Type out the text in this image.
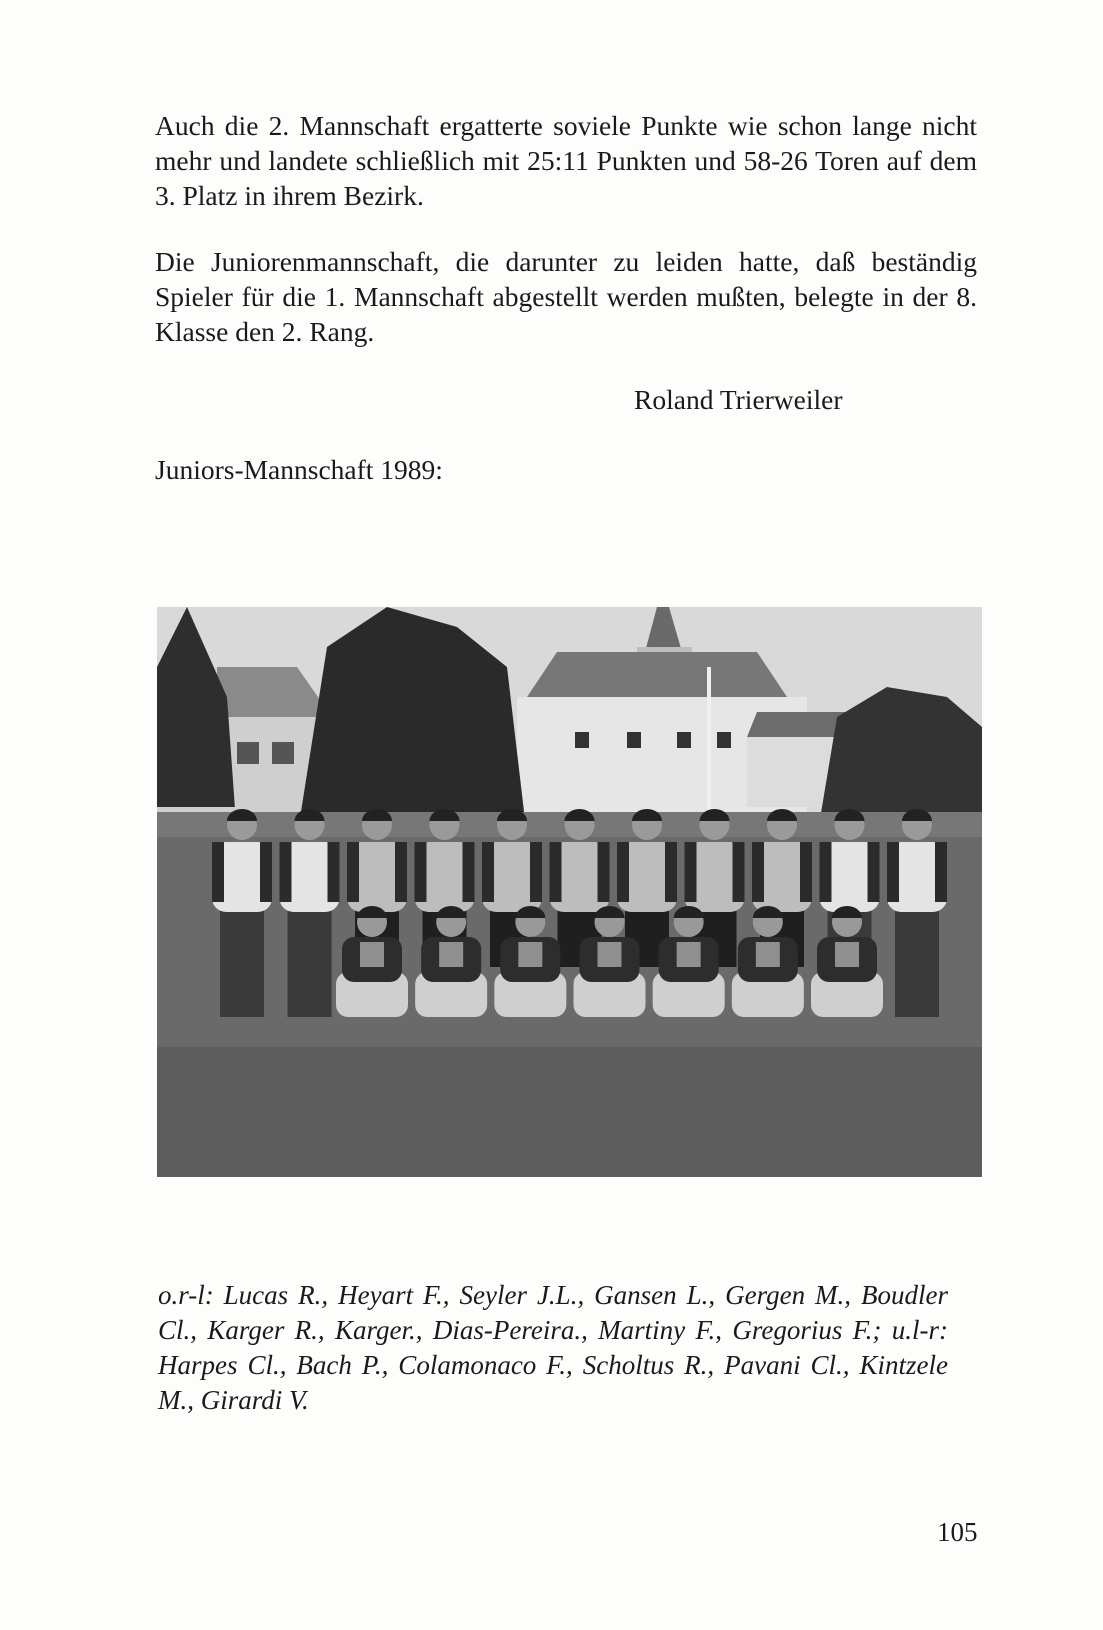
Auch die 2. Mannschaft ergatterte soviele Punkte wie schon lange nicht mehr und landete schließlich mit 25:11 Punkten und 58-26 Toren auf dem 3. Platz in ihrem Bezirk.

Die Juniorenmannschaft, die darunter zu leiden hatte, daß beständig Spieler für die 1. Mannschaft abgestellt werden mußten, belegte in der 8. Klasse den 2. Rang.

Roland Trierweiler

Juniors-Mannschaft 1989:

o.r-l: Lucas R., Heyart F., Seyler J.L., Gansen L., Gergen M., Boudler Cl., Karger R., Karger., Dias-Pereira., Martiny F., Gregorius F.; u.l-r: Harpes Cl., Bach P., Colamonaco F., Scholtus R., Pavani Cl., Kintzele M., Girardi V.

105
